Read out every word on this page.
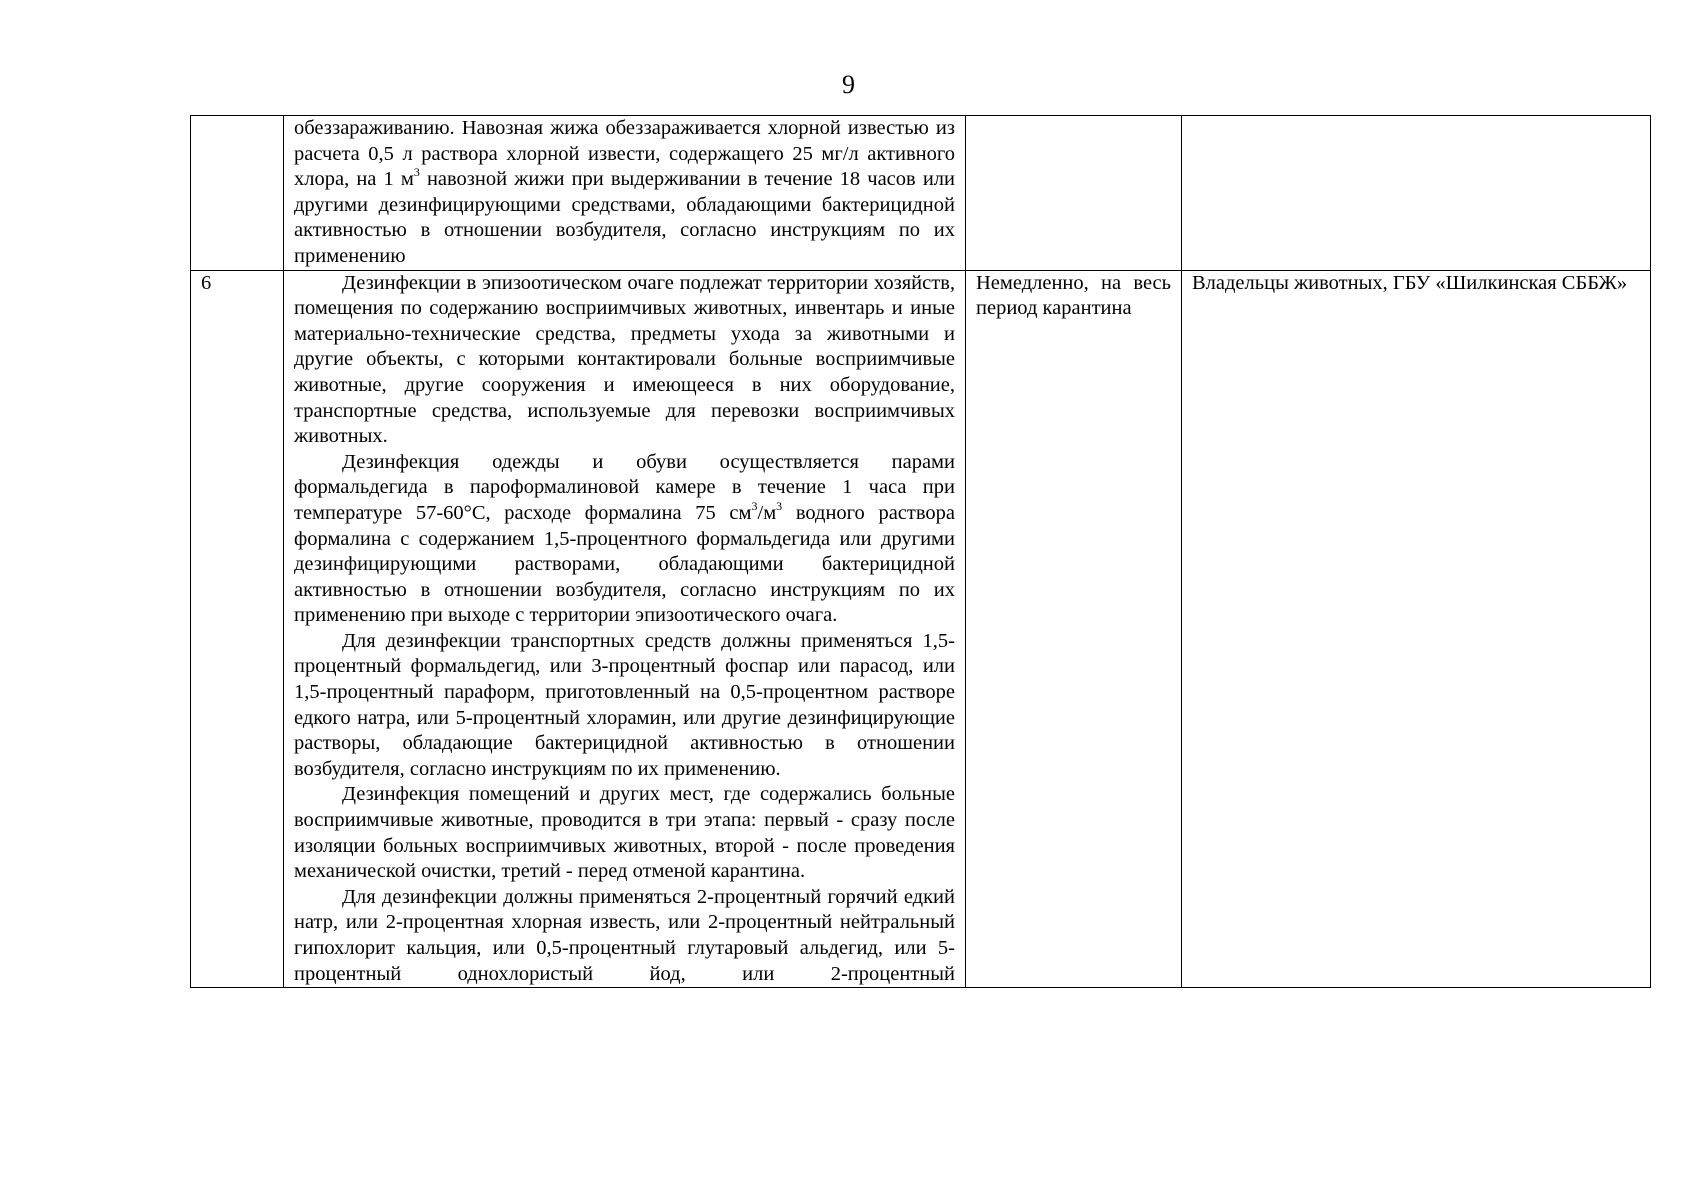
9

	обеззараживанию. Навозная жижа обеззараживается хлорной известью из расчета 0,5 л раствора хлорной извести, содержащего 25 мг/л активного хлора, на 1 $м^3$ навозной жижи при выдерживании в течение 18 часов или другими дезинфицирующими средствами, обладающими бактерицидной активностью в отношении возбудителя, согласно инструкциям по их применению		

6	Дезинфекции в эпизоотическом очаге подлежат территории хозяйств, помещения по содержанию восприимчивых животных, инвентарь и иные материально-технические средства, предметы ухода за животными и другие объекты, с которыми контактировали больные восприимчивые животные, другие сооружения и имеющееся в них оборудование, транспортные средства, используемые для перевозки восприимчивых животных.

Дезинфекция одежды и обуви осуществляется парами формальдегида в пароформалиновой камере в течение 1 часа при температуре 57-60°C, расходе формалина 75 $см^3/м^3$ водного раствора формалина с содержанием 1,5-процентного формальдегида или другими дезинфицирующими растворами, обладающими бактерицидной активностью в отношении возбудителя, согласно инструкциям по их применению при выходе с территории эпизоотического очага.

Для дезинфекции транспортных средств должны применяться 1,5-процентный формальдегид, или 3-процентный фоспар или парасод, или 1,5-процентный параформ, приготовленный на 0,5-процентном растворе едкого натра, или 5-процентный хлорамин, или другие дезинфицирующие растворы, обладающие бактерицидной активностью в отношении возбудителя, согласно инструкциям по их применению.

Дезинфекция помещений и других мест, где содержались больные восприимчивые животные, проводится в три этапа: первый - сразу после изоляции больных восприимчивых животных, второй - после проведения механической очистки, третий - перед отменой карантина.

Для дезинфекции должны применяться 2-процентный горячий едкий натр, или 2-процентная хлорная известь, или 2-процентный нейтральный гипохлорит кальция, или 0,5-процентный глутаровый альдегид, или 5-процентный однохлористый йод, или 2-процентный	Немедленно, на весь период карантина	Владельцы животных, ГБУ «Шилкинская СББЖ»
